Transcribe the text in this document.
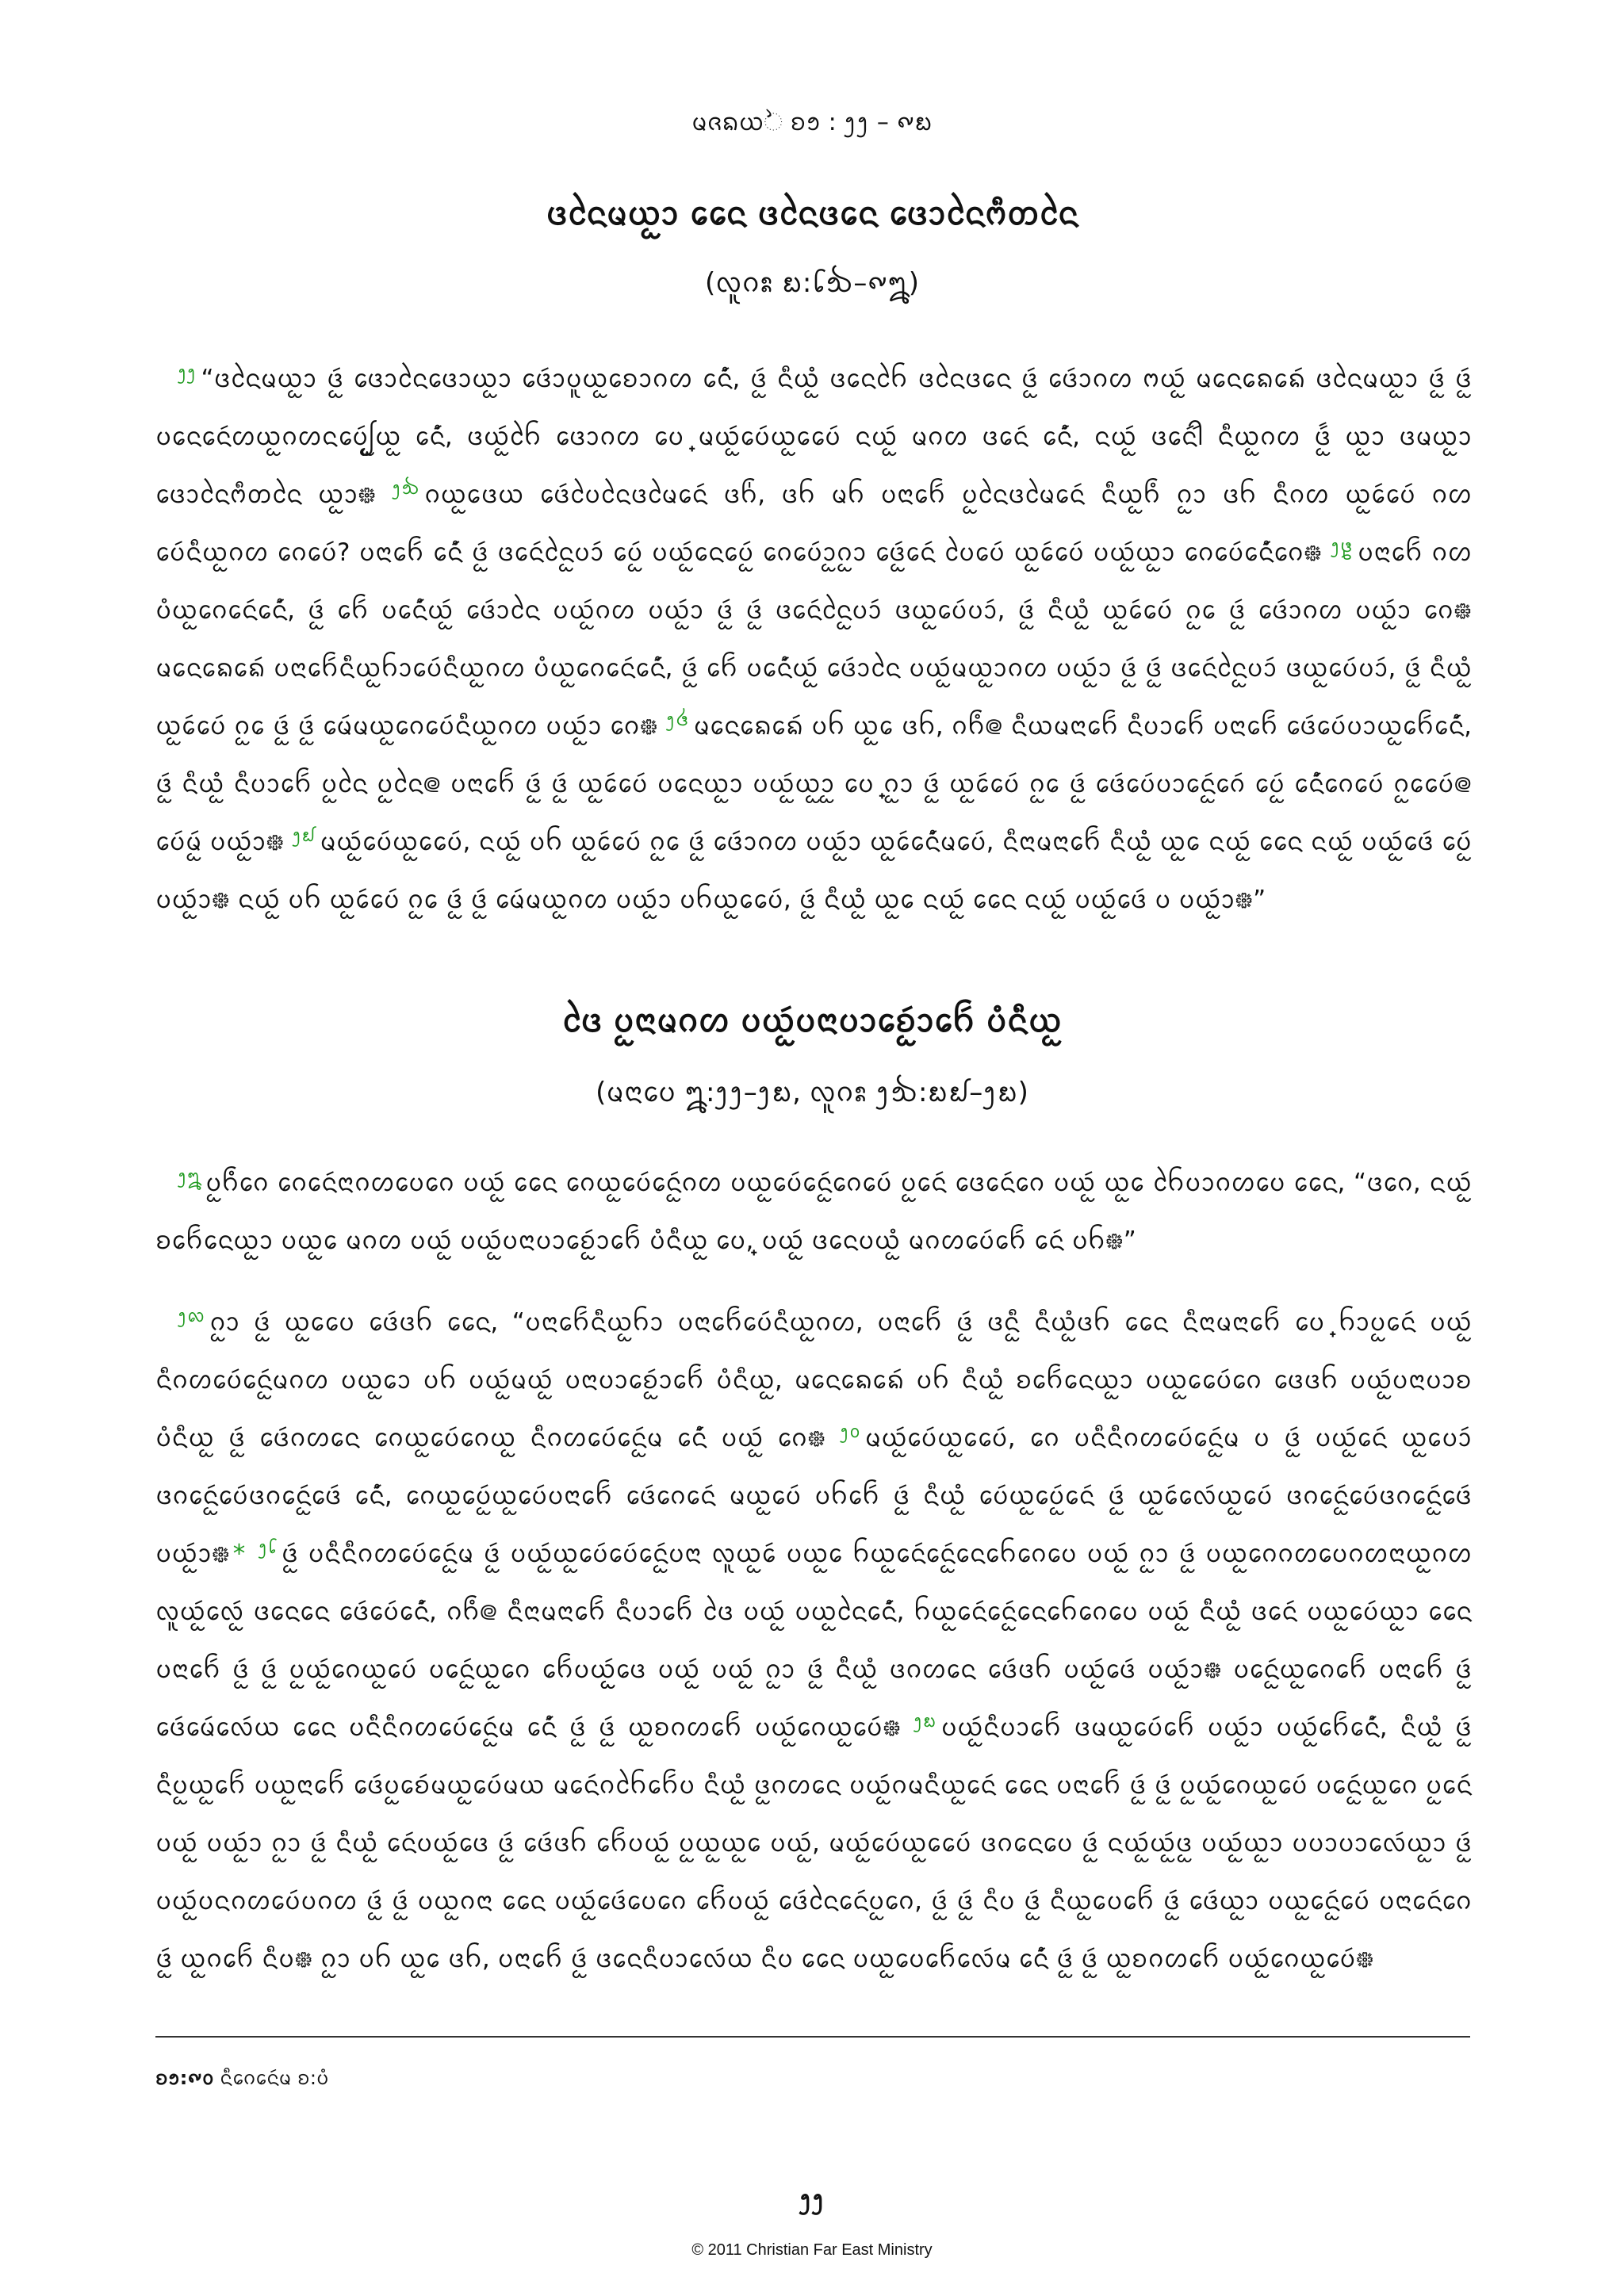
ᨾᨩᨦᨿᨛ ᨧ᪁ : ᪂᪂ – ᪑᪗
ᨴᨶᩱᨾᨿᩬᩣ ᨶᩯ ᨴᨶᩱᨴᨶᩮ ᨴᩮᩣᨶᩱᨻᩥᨲᨶᩱ
(ᩃᩪᨣᩡ ᪗:᪒᪓–᪑᪘)
$^{᪂᪂}$ “ᨴᨶᩱᨾᨿᩬᩣ ᨴᩬᩢ ᨴᩮᩣᨶᩱᨴᩮᩣᨿᩬᩣ ᨴᩮᩢᩣᨷᩪᨿᩬᨧᩮᩣᨣᩉ ᨶᩮᩢᩴ, ᨴᩬᩢ ᨶᩥᨿᩬᩴ ᨴᨶᩮᨤᩱ ᨴᨶᩱᨴᨶᩮ ᨴᩬᩢ ᨴᩮᩢᩣᨣᩉ ᨻᨿᩬᩢ ᨾᨶᩮᨦᩮᨦᩮᩢ ᨴᨶᩱᨾᨿᩬᩣ ᨴᩬᩢ ᨴᩬᩢ ᨷᨶᩮᨶᩮᩢᩉᨿᩬᨣᩉᨶᨷᩮᩢᩭᩬᨿᩬ ᨶᩮᩢᩴ, ᨴᨿᩬᩢᨤᩱ ᨴᩮᩣᨣᩉ ᨷᩮ᩠ ᨾᨿᩬᩢᨷᩮᩢᨿᩬᩮᨷᩮᩢ ᨶᨿᩬᩢ ᨾᨣᩉ ᨴᨶᩮᩢ ᨶᩮᩢᩴ, ᨶᨿᩬᩢ ᨴᨶᩮᩢᩤᩢ ᨶᩥᨿᩬᨣᩉ ᨴᩬᩢᩢ ᨿᩬᩣ ᨴᨾᨿᩬᩣ ᨴᩮᩣᨶᩱᨻᩥᨲᨶᩱ ᨿᩬᩣ᪥ $^{᪂᪓}$ ᨣᨿᩬᩮᨴᨿ ᨴᩮᩢᨷᩱᨶᩱᨴᨾᩱᨶᩮᩢ ᨴᨤ᩵, ᨴᨤ ᨾᨤ ᨷᨶᩣᨤᩮᩢ ᨷᩬᨶᩱᨴᨾᩱᨶᩮᩢ ᨶᩥᨿᩬᨤᩴ ᨣᩬᩣ ᨴᨤ ᨶᩥᨣᩉ ᨿᩬᩮᩢᨷᩮᩢ ᨣᩉ ᨷᩮᩢᨶᩥᨿᩬᨣᩉ ᨣᩮᨷᩮᩢ? ᨷᨶᩣᨤᩮᩢ ᨶᩮᩢᩴ ᨴᩬᩢ ᨴᨶᩮᩢᨶᩱᩬᨷᩣᩢ ᨷᩮᩢᩬ ᨷᨿᩬᩢᨶᩮᨷᩮᩢᩬ ᨣᩮᨷᩮᩢᩣᩬᨣᩬᩣ ᨴᩮᩢᩬᨶᩮᩢ ᨷᩱᨷᩮᩢ ᨿᩬᩮᩢᨷᩮᩢ ᨷᨿᩬᩢᨿᩬᩣ ᨣᩮᨷᩮᩢᨶᩮᩢᩴᨣᩮ᪥ $^{᪂᪔}$ ᨷᨶᩣᨤᩮᩢ ᨣᩉ ᨷᩴᨿᩬᨣᩮᨶᩮᩢᨶᩮᩢᩴ, ᨴᩬᩢ ᨤᩮᩢ ᨷᨶᩮᩢᩴᨿᩬᩢ ᨴᩮᩢᩣᨶᩱ ᨷᨿᩬᩢᨣᩉ ᨷᨿᩬᩢᩣ ᨴᩬᩢ ᨴᩬᩢ ᨴᨶᩮᩢᨶᩱᩬᨷᩣᩢ ᨴᨿᩬᨷᩮᩢᨷᩣᩢ, ᨴᩬᩢ ᨶᩥᨿᩬᩴ ᨿᩬᩮᩢᨷᩮᩢ ᨣᩬᩮ ᨴᩬᩢ ᨴᩮᩢᩣᨣᩉ ᨷᨿᩬᩢᩣ ᨣᩮ᪥ ᨾᨶᩮᨦᩮᨦᩮᩢ ᨷᨶᩣᨤᩮᩢᨶᩥᨿᩬᨤᩣᨷᩮᩢᨶᩥᨿᩬᨣᩉ ᨷᩴᨿᩬᨣᩮᨶᩮᩢᨶᩮᩢᩴ, ᨴᩬᩢ ᨤᩮᩢ ᨷᨶᩮᩢᩴᨿᩬᩢ ᨴᩮᩢᩣᨶᩱ ᨷᨿᩬᩢᨾᨿᩬᩣᨣᩉ ᨷᨿᩬᩢᩣ ᨴᩬᩢ ᨴᩬᩢ ᨴᨶᩮᩢᨶᩱᩬᨷᩣᩢ ᨴᨿᩬᨷᩮᩢᨷᩣᩢ, ᨴᩬᩢ ᨶᩥᨿᩬᩴ ᨿᩬᩮᩢᨷᩮᩢ ᨣᩬᩮ ᨴᩬᩢ ᨴᩬᩢ ᨾᩮᩢᨾᨿᩬᨣᩮᨷᩮᩢᨶᩥᨿᩬᨣᩉ ᨷᨿᩬᩢᩣ ᨣᩮ᪥ $^{᪂᪕}$ ᨾᨶᩮᨦᩮᨦᩮᩢ ᨷᨤ ᨿᩬᩮ ᨴᨤ, ᨣᨤᩴ᪤ ᨶᩥᨿᨾᨶᩣᨤᩮᩢ ᨶᩥᨷᩣᨤᩮᩢ ᨷᨶᩣᨤᩮᩢ ᨴᩮᩢᨷᩮᩢᨷᩣᨿᩬᨤᩮᩢᨶᩮᩢᩴ, ᨴᩬᩢ ᨶᩥᨿᩬᩴ ᨶᩥᨷᩣᨤᩮᩢ ᨷᩬᨶᩱ ᨷᩬᨶᩱ᪤ ᨷᨶᩣᨤᩮᩢ ᨴᩬᩢ ᨴᩬᩢ ᨿᩬᩮᩢᨷᩮᩢ ᨷᨶᩮᨿᩬᩣ ᨷᨿᩬᩢᨿᩬᩣᩬ ᨷᩮ᩠ ᨣᩬᩣ ᨴᩬᩢ ᨿᩬᩮᩢᨷᩮᩢ ᨣᩬᩮ ᨴᩬᩢ ᨴᩮᩢᨷᩮᩢᨷᩣᨶᩮᩢᩬᨣᩮᩢ ᨷᩮᩢᩬ ᨶᩮᩢᩴᨣᩮᨷᩮᩢ ᨣᩬᩮᨷᩮᩢ᪤ ᨷᩮᩢᨾᩬᩢ ᨷᨿᩬᩢᩣ᪥ $^{᪂᪖}$ ᨾᨿᩬᩢᨷᩮᩢᨿᩬᩮᨷᩮᩢ, ᨶᨿᩬᩢ ᨷᨤ ᨿᩬᩮᩢᨷᩮᩢ ᨣᩬᩮ ᨴᩬᩢ ᨴᩮᩢᩣᨣᩉ ᨷᨿᩬᩢᩣ ᨿᩬᩮᩢᨶᩮᩢᩴᨾᨷᩮᩢ, ᨶᩥᨶᩣᨾᨶᩣᨤᩮᩢ ᨶᩥᨿᩬᩴ ᨿᩬᩮ ᨶᨿᩬᩢ ᨶᩯ ᨶᨿᩬᩢ ᨷᨿᩬᩢᨴᩮᩢ ᨷᩮᩢᩬ ᨷᨿᩬᩢᩣ᪥ ᨶᨿᩬᩢ ᨷᨤ ᨿᩬᩮᩢᨷᩮᩢ ᨣᩬᩮ ᨴᩬᩢ ᨴᩬᩢ ᨾᩮᩢᨾᨿᩬᨣᩉ ᨷᨿᩬᩢᩣ ᨷᨤᨿᩬᩮᨷᩮᩢ, ᨴᩬᩢ ᨶᩥᨿᩬᩴ ᨿᩬᩮ ᨶᨿᩬᩢ ᨶᩯ ᨶᨿᩬᩢ ᨷᨿᩬᩢᨴᩮᩢ ᨷ ᨷᨿᩬᩢᩣ᪥”
ᨴᩱ ᨷᩬᨶᩣᨾᨣᩉ ᨷᨿᩬᩢᨷᨶᩣᨷᩣᨧᩮᩢᩬᩣᨤᩮᩢ ᨷᩴᨶᩥᨿᩬ
(ᨾᨶᩣᨷᩮ ᪘:᪂᪂–᪂᪗, ᩃᩪᨣᩡ ᪂᪓:᪗᪖–᪂᪗)
$^{᪂᪘}$ ᨷᩬᨤᩴᨣᩮ ᨣᩮᨶᩮᩢᨶᩣᨣᩉᨷᩮᨣᩮ ᨷᨿᩬᩢ ᨶᩯ ᨣᩮᨿᩬᨷᩮᩢᨶᩮᩢᩬᨣᩉ ᨷᨿᩬᨷᩮᩢᨶᩮᩢᩬᨣᩮᨷᩮᩢ ᨷᩬᨶᩮᩢ ᨴᩮᨶᩮᩢᨣᩮ ᨷᨿᩬᩢ ᨿᩬᩮ ᨤᩱᨷᩣᨣᩉᨷᩮ ᨶᩯ, “ᨴᨣᩮ, ᨶᨿᩬᩢ ᨧᨤᩮᩢᨶᩮᨿᩬᩣ ᨷᨿᩬᩮ ᨾᨣᩉ ᨷᨿᩬᩢ ᨷᨿᩬᩢᨷᨶᩣᨷᩣᨧᩮᩢᩬᩣᨤᩮᩢ ᨷᩴᨶᩥᨿᩬ ᨷᩮ᩠, ᨷᨿᩬᩢ ᨴᨶᩮᨷᨿᩬᩴ ᨾᨣᩉᨷᩮᩢᨤᩮᩢ ᨶᩮᩢ ᨷᨤ᪥”
$^{᪂᪙}$ ᨣᩬᩣ ᨴᩬᩢ ᨿᩬᩮᨷᩮ ᨴᩮᩢᨴᨤ ᨶᩯ, “ᨷᨶᩣᨤᩮᩢᨶᩥᨿᩬᨤᩣ ᨷᨶᩣᨤᩮᩢᨷᩮᩢᨶᩥᨿᩬᨣᩉ, ᨷᨶᩣᨤᩮᩢ ᨴᩬᩢ ᨴᨶᩥᩬ ᨶᩥᨿᩬᩴᨴᨤ ᨶᩯ ᨶᩥᨶᩣᨾᨶᩣᨤᩮᩢ ᨷᩮ᩠ ᨤᩣᨷᩬᨶᩮᩢ ᨷᨿᩬᩢ ᨶᩥᨣᩉᨷᩮᩢᨶᩮᩢᩬᨾᨣᩉ ᨷᨿᩬᩮᩣ ᨷᨤ ᨷᨿᩬᩢᨾᨿᩬᩢ ᨷᨶᩣᨷᩣᨧᩮᩢᩬᩣᨤᩮᩢ ᨷᩴᨶᩥᨿᩬ, ᨾᨶᩮᨦᩮᨦᩮᩢ ᨷᨤ ᨶᩥᨿᩬᩴ ᨧᨤᩮᩢᨶᩮᨿᩬᩣ ᨷᨿᩬᩮᨷᩮᩢᨣᩮ ᨴᩮᨴᨤ ᨷᨿᩬᩢᨷᨶᩣᨷᩣᨧ ᨷᩴᨶᩥᨿᩬ ᨴᩬᩢ ᨴᩮᩢᨣᩉᨶᩮ ᨣᩮᨿᩬᨷᩮᩢᨣᩮᨿᩬ ᨶᩥᨣᩉᨷᩮᩢᨶᩮᩢᩬᨾ ᨶᩮᩢᩴ ᨷᨿᩬᩢ ᨣᩮ᪥ $^{᪂᪐}$ ᨾᨿᩬᩢᨷᩮᩢᨿᩬᩮᨷᩮᩢ, ᨣᩮ ᨷᨶᩥᨶᩥᨣᩉᨷᩮᩢᨶᩮᩢᩬᨾ ᨷ ᨴᩬᩢ ᨷᨿᩬᩢᨶᩮᩢ ᨿᩬᩮᨷᩣᩢ ᨴᨣᨶᩮᩢᩬᨷᩮᩢᨴᨣᨶᩮᩢᩬᨴᩮᩢ ᨶᩮᩢᩴ, ᨣᩮᨿᩬᨷᩮᩢᩬᨿᩬᨷᩮᩢᨷᨶᩣᨤᩮᩢ ᨴᩮᩢᨣᩮᨶᩮᩢ ᨾᨿᩬᨷᩮᩢ ᨷᨤᨤᩮᩢ ᨴᩬᩢ ᨶᩥᨿᩬᩴ ᨷᩮᩢᨿᩬᨷᩮᩢᩬᨶᩮᩢ ᨴᩬᩢ ᨿᩬᩮᩢᩃᩮᩢᨿᩬᨷᩮᩢ ᨴᨣᨶᩮᩢᩬᨷᩮᩢᨴᨣᨶᩮᩢᩬᨴᩮᩢ ᨷᨿᩬᩢᩣ᪥ * $^{᪂᪒}$ ᨴᩬᩢ ᨷᨶᩥᨶᩥᨣᩉᨷᩮᩢᨶᩮᩢᩬᨾ ᨴᩬᩢ ᨷᨿᩬᩢᨿᩬᨷᩮᩢᨷᩮᩢᨶᩮᩢᩬᨷᨶᩣ ᩃᩪᨿᩬᩮᩢ ᨷᨿᩬᩮ ᨤᨿᩬᨶᩮᩢᨶᩮᩢᩬᨶᩮᨤᩮᨣᩮᨷᩮ ᨷᨿᩬᩢ ᨣᩬᩣ ᨴᩬᩢ ᨷᨿᩬᨣᩮᨣᩉᨷᩮᨣᩉᨶᩣᨿᩬᨣᩉ ᩃᩪᨿᩬᩢᩃᩮᩢᩬ ᨴᨶᩮᨶᩮ ᨴᩮᩢᨷᩮᩢᨶᩮᩢᩴ, ᨣᨤᩴ᪤ ᨶᩥᨶᩣᨾᨶᩣᨤᩮᩢ ᨶᩥᨷᩣᨤᩮᩢ ᨴᩱ ᨷᨿᩬᩢ ᨷᨿᩬᨶᩱᨶᩮᩢᩴ, ᨤᨿᩬᨶᩮᩢᨶᩮᩢᩬᨶᩮᨤᩮᨣᩮᨷᩮ ᨷᨿᩬᩢ ᨶᩥᨿᩬᩴ ᨴᨶᩮᩢ ᨷᨿᩬᨷᩮᩢᨿᩬᩣ ᨶᩯ ᨷᨶᩣᨤᩮᩢ ᨴᩬᩢ ᨴᩬᩢ ᨷᩬᨿᩬᩢᨣᩮᨿᩬᨷᩮᩢ ᨷᨶᩮᩢᩬᨿᩬᨣᩮ ᨤᩮᩢᨷᨿᩬᩢᩬᨴᩮ ᨷᨿᩬᩢ ᨷᨿᩬᩢ ᨣᩬᩣ ᨴᩬᩢ ᨶᩥᨿᩬᩴ ᨴᨣᩉᨶᩮ ᨴᩮᩢᨴᨤ ᨷᨿᩬᩢᨴᩮᩢ ᨷᨿᩬᩢᩣ᪥ ᨷᨶᩮᩢᩬᨿᩬᨣᩮᨤᩮᩢ ᨷᨶᩣᨤᩮᩢ ᨴᩬᩢ ᨴᩮᩢᨾᩮᩢᩃᩮᩢᨿ ᨶᩯ ᨷᨶᩥᨶᩥᨣᩉᨷᩮᩢᨶᩮᩢᩬᨾ ᨶᩮᩢᩴ ᨴᩬᩢ ᨴᩬᩢ ᨿᩬᨧᨣᩉᨤᩮᩢ ᨷᨿᩬᩢᨣᩮᨿᩬᨷᩮᩢ᪥ $^{᪂᪗}$ ᨷᨿᩬᩢᨶᩥᨷᩣᨤᩮᩢ ᨴᨾᨿᩬᨷᩮᩢᨤᩮᩢ ᨷᨿᩬᩢᩣ ᨷᨿᩬᩢᨤᩮᩢᨶᩮᩢᩴ, ᨶᩥᨿᩬᩴ ᨴᩬᩢ ᨶᩥᨷᩬᨿᩬᨤᩮᩢ ᨷᨿᩬᨶᩣᨤᩮᩢ ᨴᩮᩢᨷᩬᨧᩮᩢᨾᨿᩬᨷᩮᩢᨾᨿ ᨾᨶᩮᩢᨣᨤᩱᨤᩮᩢᨷ ᨶᩥᨿᩬᩴ ᨴᩬᨣᩉᨶᩮ ᨷᨿᩬᩢᨣᨾᨶᩥᨿᩬᨶᩮᩢ ᨶᩯ ᨷᨶᩣᨤᩮᩢ ᨴᩬᩢ ᨴᩬᩢ ᨷᩬᨿᩬᩢᨣᩮᨿᩬᨷᩮᩢ ᨷᨶᩮᩢᩬᨿᩬᨣᩮ ᨷᩬᨶᩮᩢ ᨷᨿᩬᩢ ᨷᨿᩬᩢᩣ ᨣᩬᩣ ᨴᩬᩢ ᨶᩥᨿᩬᩴ ᨶᩮᩢᨷᨿᩬᩢᨴᩮ ᨴᩬᩢ ᨴᩮᩢᨴᨤ ᨤᩮᩢᨷᨿᩬᩢ ᨷᩬᨿᩬᨿᩬᩮ ᨷᨿᩬᩢ, ᨾᨿᩬᩢᨷᩮᩢᨿᩬᩮᨷᩮᩢ ᨴᨣᨶᩮᨷᩮ ᨴᩬᩢ ᨶᨿᩬᩢᨿᩬᩢᨴᩬ ᨷᨿᩬᩢᨿᩬᩣ ᨷᨷᩣᨷᩣᩃᩮᩢᨿᩬᩣ ᨴᩬᩢ ᨷᨿᩬᩢᨷᨶᨣᩉᨷᩮᩢᨷᨣᩉ ᨴᩬᩢ ᨴᩬᩢ ᨷᨿᩬᨣᨶᩣ ᨶᩯ ᨷᨿᩬᩢᨴᩮᩢᨷᩮᨣᩮ ᨤᩮᩢᨷᨿᩬᩢ ᨴᩮᩢᨶᩱᨶᩮᩢᨷᩬᨣᩮ, ᨴᩬᩢ ᨴᩬᩢ ᨶᩥᨷ ᨴᩬᩢ ᨶᩥᨿᩬᩮᨷᨤᩮᩢ ᨴᩬᩢ ᨴᩮᩢᨿᩬᩣ ᨷᨿᩬᨶᩮᩢᩬᨷᩮᩢ ᨷᨶᩣᨶᩮᩢᨣᩮ ᨴᩬᩢ ᨿᩬᨣᨤᩮᩢ ᨶᩥᨷ᪥ ᨣᩬᩣ ᨷᨤ ᨿᩬᩮ ᨴᨤ, ᨷᨶᩣᨤᩮᩢ ᨴᩬᩢ ᨴᨶᩮᨶᩥᨷᩣᩃᩮᩢᨿ ᨶᩥᨷ ᨶᩯ ᨷᨿᩬᨷᩮᨤᩮᩢᩃᩮᩢᨾ ᨶᩮᩢᩴ ᨴᩬᩢ ᨴᩬᩢ ᨿᩬᨧᨣᩉᨤᩮᩢ ᨷᨿᩬᩢᨣᩮᨿᩬᨷᩮᩢ᪥
ᨧ᪁:᪑᪐ ᨶᩥᨣᩮᨶᩮᩢᨾ ᨧ:ᨷᩴ
᪂᪂
© 2011 Christian Far East Ministry
